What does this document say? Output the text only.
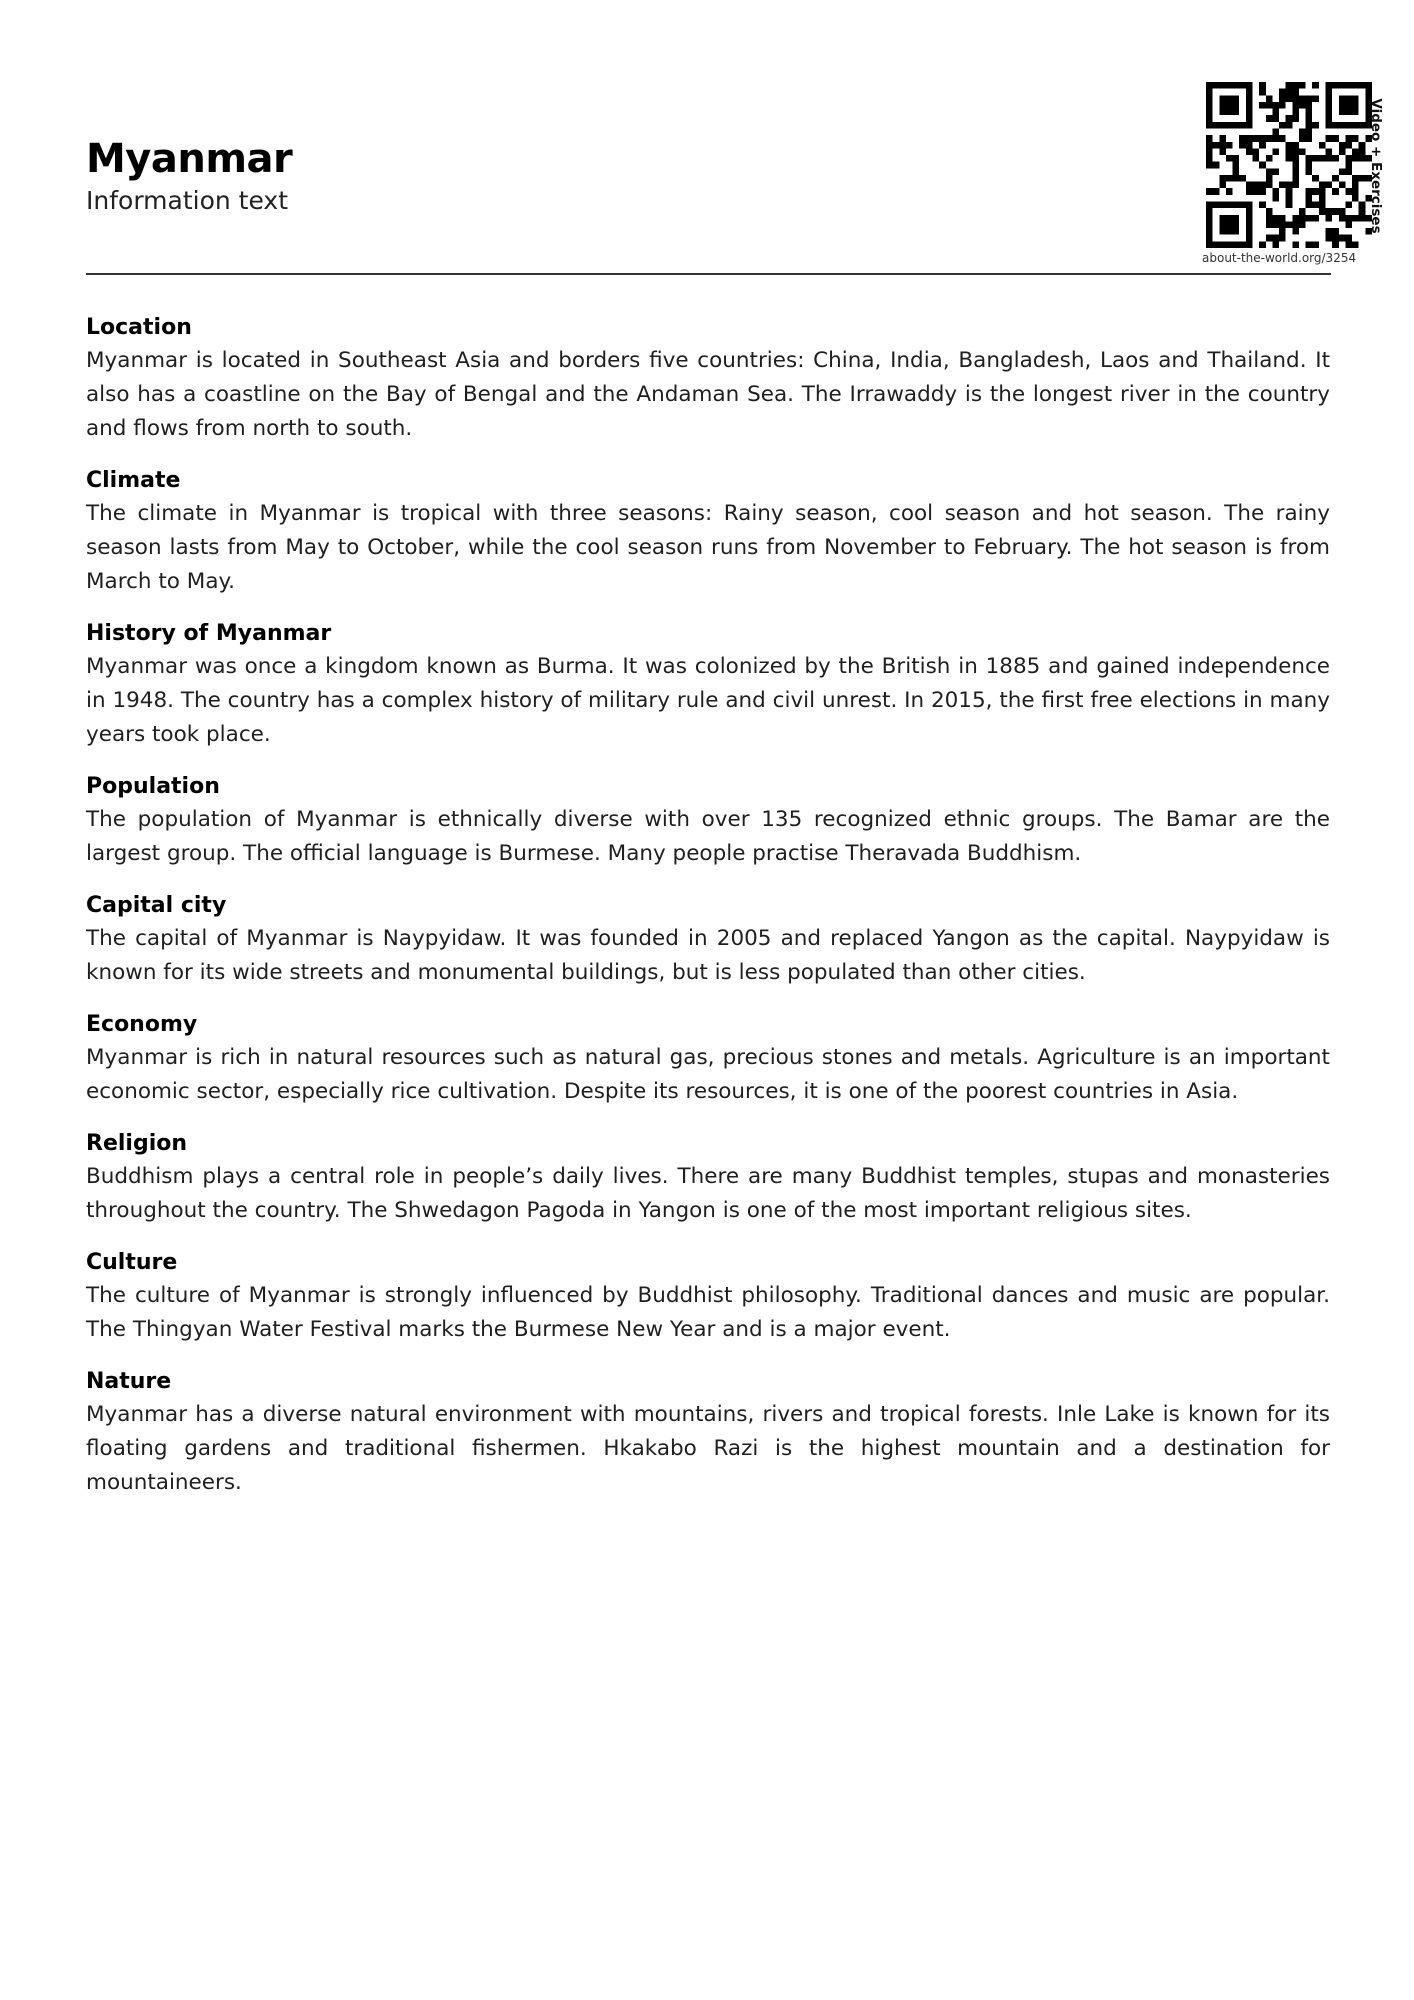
Myanmar
Information text
about-the-world.org/3254
Video + Exercises
Location

Myanmar is located in Southeast Asia and borders five countries: China, India, Bangladesh, Laos and Thailand. It also has a coastline on the Bay of Bengal and the Andaman Sea. The Irrawaddy is the longest river in the country and flows from north to south.

Climate

The climate in Myanmar is tropical with three seasons: Rainy season, cool season and hot season. The rainy season lasts from May to October, while the cool season runs from November to February. The hot season is from March to May.

History of Myanmar

Myanmar was once a kingdom known as Burma. It was colonized by the British in 1885 and gained independence in 1948. The country has a complex history of military rule and civil unrest. In 2015, the first free elections in many years took place.

Population

The population of Myanmar is ethnically diverse with over 135 recognized ethnic groups. The Bamar are the largest group. The official language is Burmese. Many people practise Theravada Buddhism.

Capital city

The capital of Myanmar is Naypyidaw. It was founded in 2005 and replaced Yangon as the capital. Naypyidaw is known for its wide streets and monumental buildings, but is less populated than other cities.

Economy

Myanmar is rich in natural resources such as natural gas, precious stones and metals. Agriculture is an important economic sector, especially rice cultivation. Despite its resources, it is one of the poorest countries in Asia.

Religion

Buddhism plays a central role in people’s daily lives. There are many Buddhist temples, stupas and monasteries throughout the country. The Shwedagon Pagoda in Yangon is one of the most important religious sites.

Culture

The culture of Myanmar is strongly influenced by Buddhist philosophy. Traditional dances and music are popular. The Thingyan Water Festival marks the Burmese New Year and is a major event.

Nature

Myanmar has a diverse natural environment with mountains, rivers and tropical forests. Inle Lake is known for its floating gardens and traditional fishermen. Hkakabo Razi is the highest mountain and a destination for mountaineers.
